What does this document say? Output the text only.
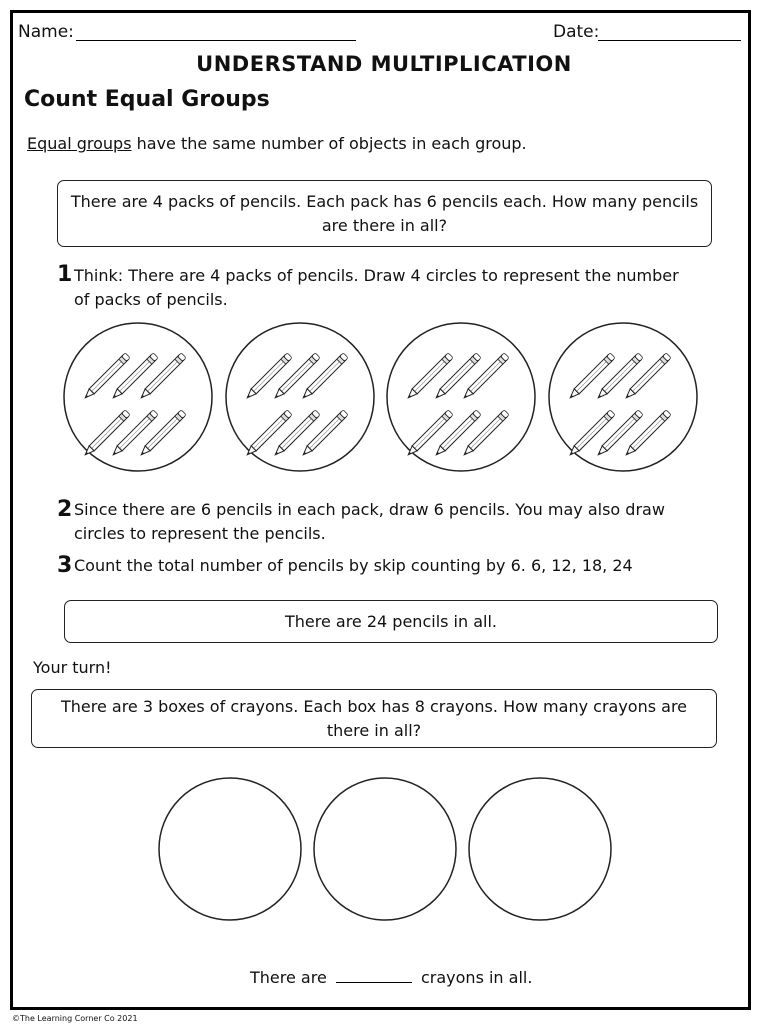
Name:	Date:
UNDERSTAND MULTIPLICATION
Count Equal Groups
Equal groups have the same number of objects in each group.
There are 4 packs of pencils. Each pack has 6 pencils each. How many pencils are there in all?
1 Think: There are 4 packs of pencils. Draw 4 circles to represent the number of packs of pencils.
2 Since there are 6 pencils in each pack, draw 6 pencils. You may also draw circles to represent the pencils.
3 Count the total number of pencils by skip counting by 6. 6, 12, 18, 24
There are 24 pencils in all.
Your turn!
There are 3 boxes of crayons. Each box has 8 crayons. How many crayons are there in all?
There are	crayons in all.
©The Learning Corner Co 2021
